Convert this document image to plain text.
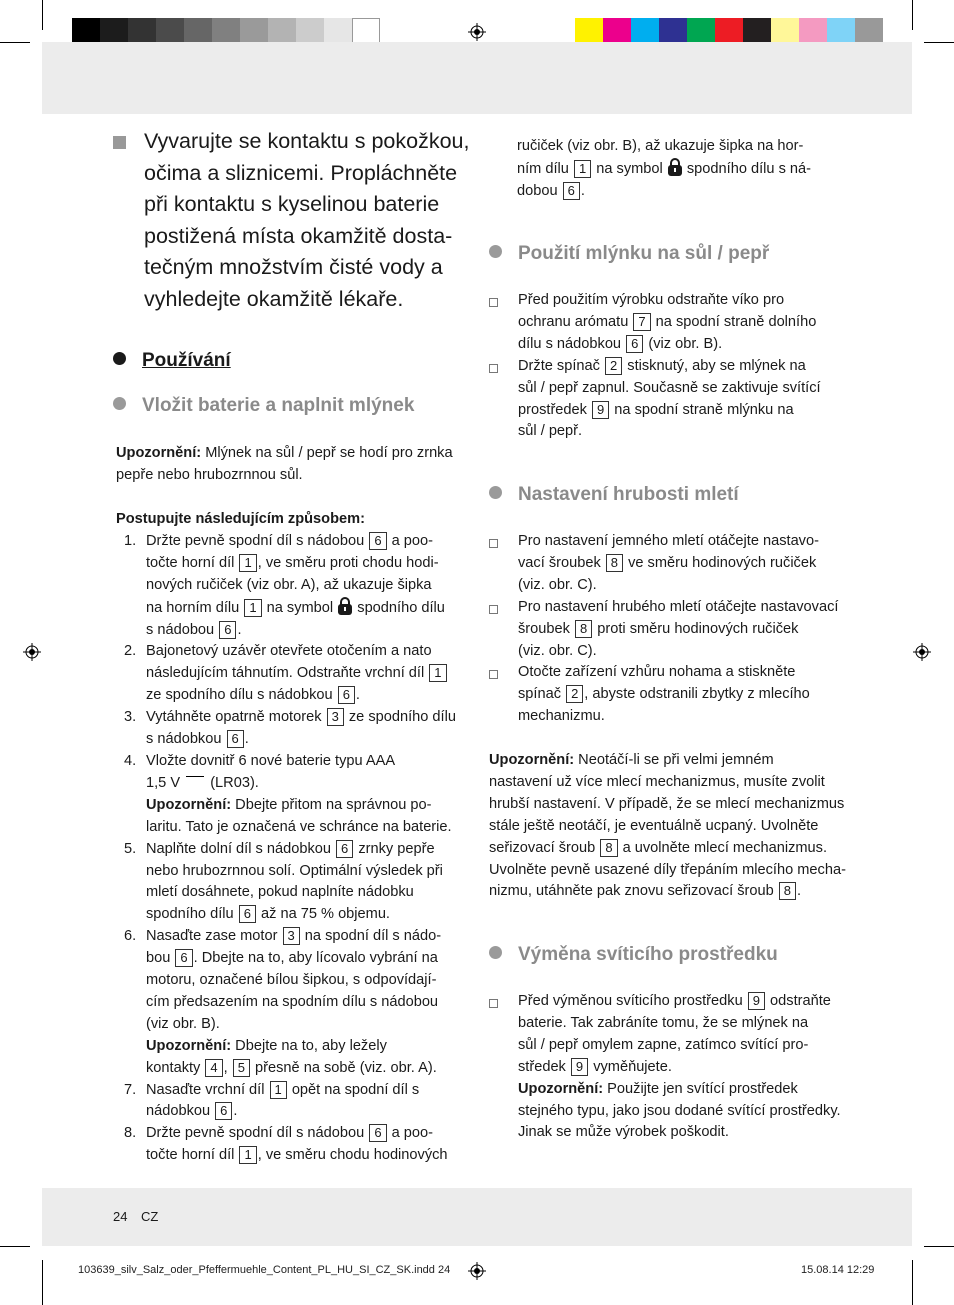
Vyvarujte se kontaktu s pokožkou,
očima a sliznicemi. Propláchněte
při kontaktu s kyselinou baterie
postižená místa okamžitě dosta-
tečným množstvím čisté vody a
vyhledejte okamžitě lékaře.
Používání
Vložit baterie a naplnit mlýnek
Upozornění: Mlýnek na sůl / pepř se hodí pro zrnka pepře nebo hrubozrnnou sůl.
Postupujte následujícím způsobem:
1. Držte pevně spodní díl s nádobou 6 a poo-
točte horní díl 1 , ve směru proti chodu hodi-
nových ručiček (viz obr. A), až ukazuje šipka
na horním dílu 1 na symbol  spodního dílu
s nádobou 6 .
2. Bajonetový uzávěr otevřete otočením a nato
následujícím táhnutím. Odstraňte vrchní díl 1
ze spodního dílu s nádobkou 6 .
3. Vytáhněte opatrně motorek 3 ze spodního dílu
s nádobkou 6 .
4. Vložte dovnitř 6 nové baterie typu AAA
1,5 V  (LR03).
Upozornění: Dbejte přitom na správnou po-
laritu. Tato je označená ve schránce na baterie.
5. Naplňte dolní díl s nádobkou 6 zrnky pepře
nebo hrubozrnnou solí. Optimální výsledek při
mletí dosáhnete, pokud naplníte nádobku
spodního dílu 6 až na 75 % objemu.
6. Nasaďte zase motor 3 na spodní díl s nádo-
bou 6 . Dbejte na to, aby lícovalo vybrání na
motoru, označené bílou šipkou, s odpovídají-
cím předsazením na spodním dílu s nádobou
(viz obr. B).
Upozornění: Dbejte na to, aby ležely
kontakty 4 , 5 přesně na sobě (viz. obr. A).
7. Nasaďte vrchní díl 1 opět na spodní díl s
nádobkou 6 .
8. Držte pevně spodní díl s nádobou 6 a poo-
točte horní díl 1 , ve směru chodu hodinových
ručiček (viz obr. B), až ukazuje šipka na hor-
ním dílu 1 na symbol  spodního dílu s ná-
dobou 6 .
Použití mlýnku na sůl / pepř
Před použitím výrobku odstraňte víko pro
ochranu arómatu 7 na spodní straně dolního
dílu s nádobkou 6 (viz obr. B).
Držte spínač 2 stisknutý, aby se mlýnek na
sůl / pepř zapnul. Současně se zaktivuje svítící
prostředek 9 na spodní straně mlýnku na
sůl / pepř.
Nastavení hrubosti mletí
Pro nastavení jemného mletí otáčejte nastavo-
vací šroubek 8 ve směru hodinových ručiček
(viz. obr. C).
Pro nastavení hrubého mletí otáčejte nastavovací
šroubek 8 proti směru hodinových ručiček
(viz. obr. C).
Otočte zařízení vzhůru nohama a stiskněte
spínač 2 , abyste odstranili zbytky z mlecího
mechanizmu.
Upozornění: Neotáčí-li se při velmi jemném
nastavení už více mlecí mechanizmus, musíte zvolit
hrubší nastavení. V případě, že se mlecí mechanizmus
stále ještě neotáčí, je eventuálně ucpaný. Uvolněte
seřizovací šroub 8 a uvolněte mlecí mechanizmus.
Uvolněte pevně usazené díly třepáním mlecího mecha-
nizmu, utáhněte pak znovu seřizovací šroub 8 .
Výměna svíticího prostředku
Před výměnou svíticího prostředku 9 odstraňte
baterie. Tak zabráníte tomu, že se mlýnek na
sůl / pepř omylem zapne, zatímco svítící pro-
středek 9 vyměňujete.
Upozornění: Použijte jen svítící prostředek
stejného typu, jako jsou dodané svítící prostředky.
Jinak se může výrobek poškodit.
24 CZ
103639_silv_Salz_oder_Pfeffermuehle_Content_PL_HU_SI_CZ_SK.indd 24	15.08.14 12:29
